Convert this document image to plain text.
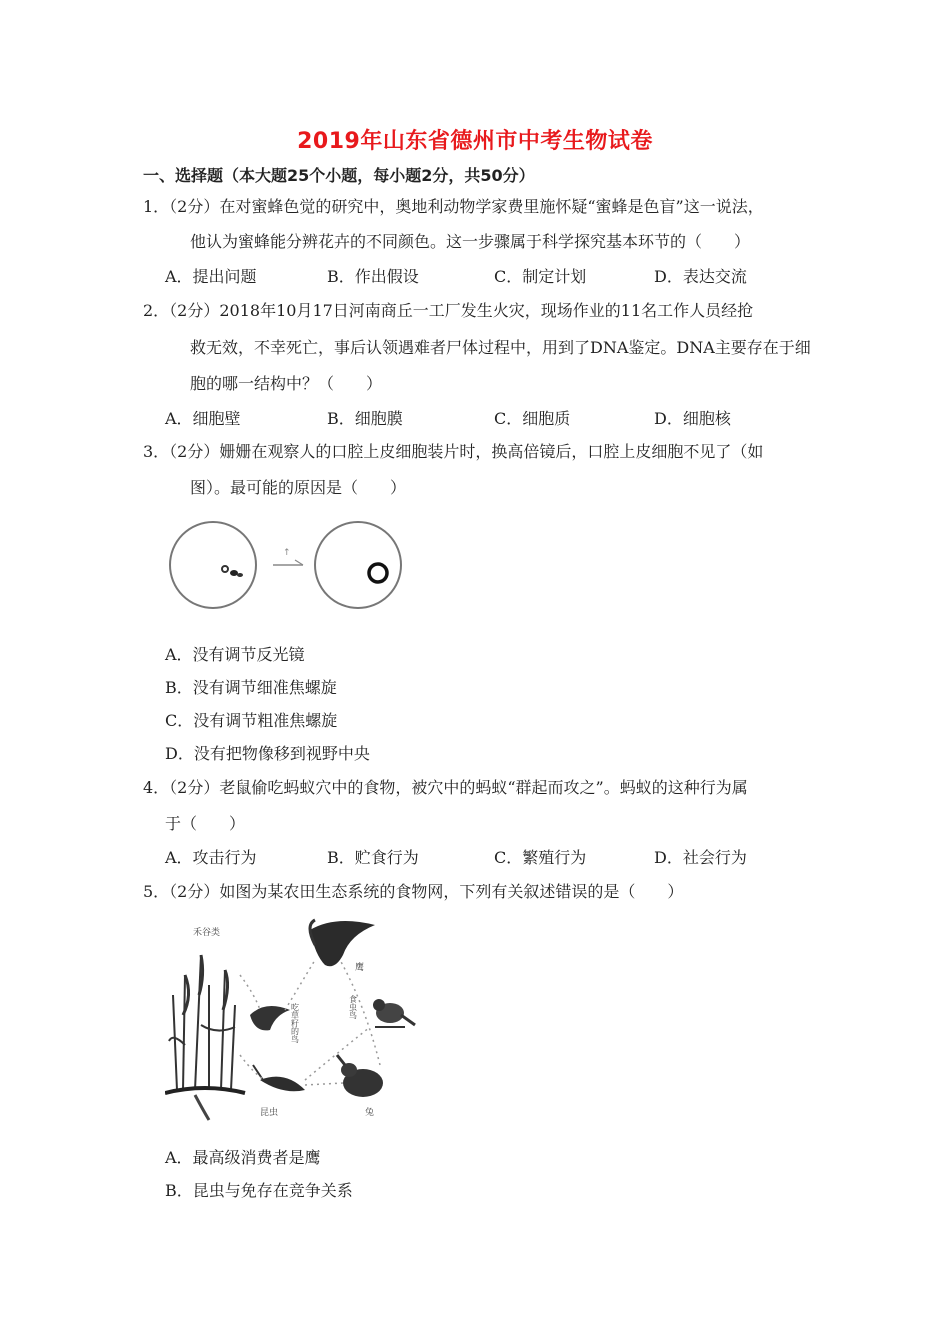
2019年山东省德州市中考生物试卷
一、选择题（本大题25个小题，每小题2分，共50分）
1．（2分）在对蜜蜂色觉的研究中，奥地利动物学家费里施怀疑“蜜蜂是色盲”这一说法，
他认为蜜蜂能分辨花卉的不同颜色。这一步骤属于科学探究基本环节的（　　）
A．提出问题	B．作出假设	C．制定计划	D．表达交流
2．（2分）2018年10月17日河南商丘一工厂发生火灾，现场作业的11名工作人员经抢
救无效，不幸死亡，事后认领遇难者尸体过程中，用到了DNA鉴定。DNA主要存在于细
胞的哪一结构中？（　　）
A．细胞壁	B．细胞膜	C．细胞质	D．细胞核
3．（2分）姗姗在观察人的口腔上皮细胞装片时，换高倍镜后，口腔上皮细胞不见了（如
图）。最可能的原因是（　　）
↑
A．没有调节反光镜
B．没有调节细准焦螺旋
C．没有调节粗准焦螺旋
D．没有把物像移到视野中央
4．（2分）老鼠偷吃蚂蚁穴中的食物，被穴中的蚂蚁“群起而攻之”。蚂蚁的这种行为属
于（　　）
A．攻击行为	B．贮食行为	C．繁殖行为	D．社会行为
5．（2分）如图为某农田生态系统的食物网，下列有关叙述错误的是（　　）
禾谷类
鹰
吃草籽的鸟	食虫鸟
昆虫	兔
A．最高级消费者是鹰
B．昆虫与免存在竞争关系
